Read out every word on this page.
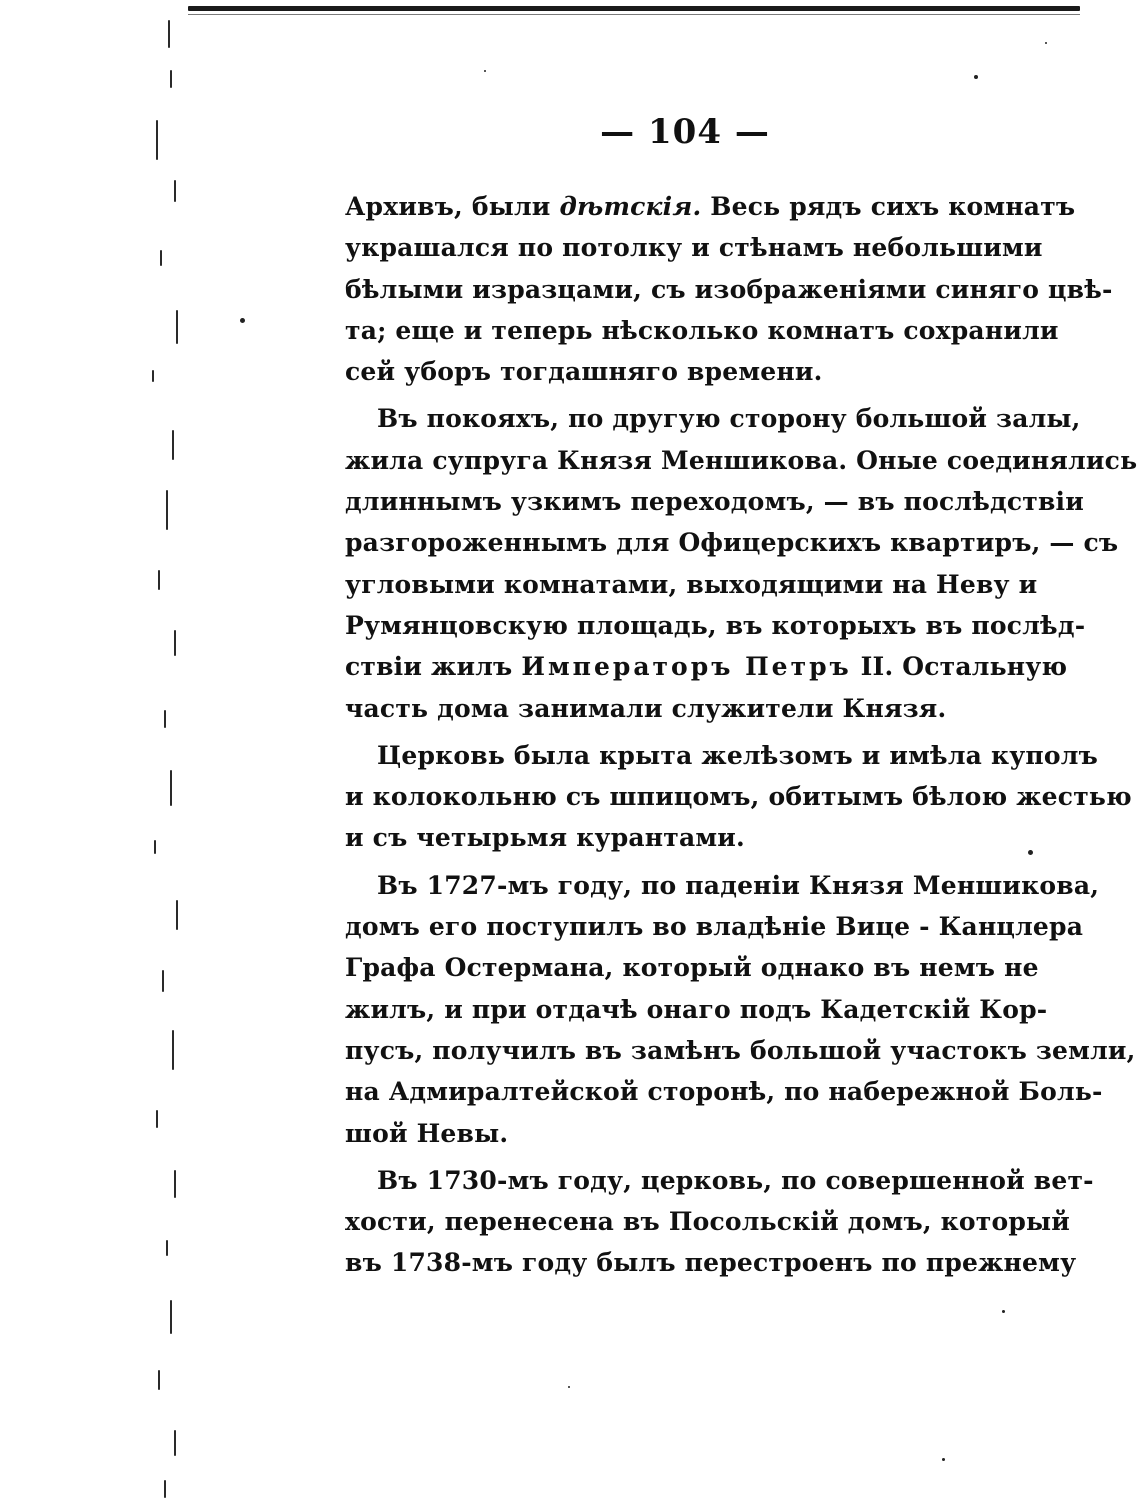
— 104 —
Архивъ, были дѣтскія. Весь рядъ сихъ комнатъ
украшался по потолку и стѣнамъ небольшими
бѣлыми изразцами, съ изображеніями синяго цвѣ-
та; еще и теперь нѣсколько комнатъ сохранили
сей уборъ тогдашняго времени.
Въ покояхъ, по другую сторону большой залы,
жила супруга Князя Меншикова. Оные соединялись
длиннымъ узкимъ переходомъ, — въ послѣдствіи
разгороженнымъ для Офицерскихъ квартиръ, — съ
угловыми комнатами, выходящими на Неву и
Румянцовскую площадь, въ которыхъ въ послѣд-
ствіи жилъ Императоръ Петръ II. Остальную
часть дома занимали служители Князя.
Церковь была крыта желѣзомъ и имѣла куполъ
и колокольню съ шпицомъ, обитымъ бѣлою жестью
и съ четырьмя курантами.
Въ 1727-мъ году, по паденіи Князя Меншикова,
домъ его поступилъ во владѣніе Вице - Канцлера
Графа Остермана, который однако въ немъ не
жилъ, и при отдачѣ онаго подъ Кадетскій Кор-
пусъ, получилъ въ замѣнъ большой участокъ земли,
на Адмиралтейской сторонѣ, по набережной Боль-
шой Невы.
Въ 1730-мъ году, церковь, по совершенной вет-
хости, перенесена въ Посольскій домъ, который
въ 1738-мъ году былъ перестроенъ по прежнему
